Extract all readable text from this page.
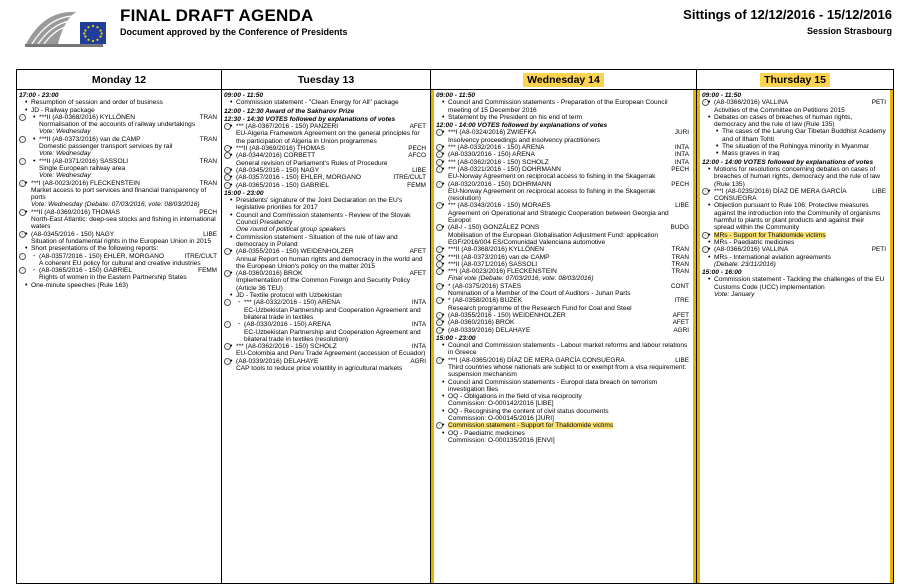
FINAL DRAFT AGENDA
Document approved by the Conference of Presidents
Sittings of 12/12/2016 - 15/12/2016
Session Strasbourg
Monday 12
17:00 - 23:00
• Resumption of session and order of business
• JD - Railway package
◦	•	TRAN
***II (A8-0368/2016) KYLLÖNEN
Normalisation of the accounts of railway undertakings
Vote: Wednesday
◦	•	TRAN
***II (A8-0373/2016) van de CAMP
Domestic passenger transport services by rail
Vote: Wednesday
◦	•	TRAN
***II (A8-0371/2016) SASSOLI
Single European railway area
Vote: Wednesday
◦ •	TRAN
***I (A8-0023/2016) FLECKENSTEIN
Market access to port services and financial transparency of ports
Vote: Wednesday (Debate: 07/03/2016, vote: 08/03/2016)
◦ •	PECH
***II (A8-0369/2016) THOMAS
North-East Atlantic: deep-sea stocks and fishing in international waters
◦ •	LIBE
(A8-0345/2016 - 150) NAGY
Situation of fundamental rights in the European Union in 2015
• Short presentations of the following reports:
◦	-	ITRE/CULT
(A8-0357/2016 - 150) EHLER, MORGANO
A coherent EU policy for cultural and creative industries
◦	-	FEMM
(A8-0365/2016 - 150) GABRIEL
Rights of women in the Eastern Partnership States
• One-minute speeches (Rule 163)
Tuesday 13
09:00 - 11:50
• Commission statement - "Clean Energy for All" package
12:00 - 12:30 Award of the Sakharov Prize
12:30 - 14:30 VOTES followed by explanations of votes
◦ •	AFET
*** (A8-0367/2016 - 150) PANZERI
EU-Algeria Framework Agreement on the general principles for the participation of Algeria in Union programmes
◦ •	PECH
***II (A8-0369/2016) THOMAS
◦ •	AFCO
(A8-0344/2016) CORBETT
General revision of Parliament's Rules of Procedure
◦ •	LIBE
(A8-0345/2016 - 150) NAGY
◦ •	ITRE/CULT
(A8-0357/2016 - 150) EHLER, MORGANO
◦ •	FEMM
(A8-0365/2016 - 150) GABRIEL
15:00 - 23:00
• Presidents' signature of the Joint Declaration on the EU's legislative priorities for 2017
• Council and Commission statements - Review of the Slovak Council Presidency
One round of political group speakers
• Commission statement - Situation of the rule of law and democracy in Poland
◦ •	AFET
(A8-0355/2016 - 150) WEIDENHOLZER
Annual Report on human rights and democracy in the world and the European Union's policy on the matter 2015
◦ •	AFET
(A8-0360/2016) BROK
Implementation of the Common Foreign and Security Policy (Article 36 TEU)
• JD - Textile protocol with Uzbekistan
◦	-	INTA
*** (A8-0332/2016 - 150) ARENA
EC-Uzbekistan Partnership and Cooperation Agreement and bilateral trade in textiles
◦	-	INTA
(A8-0330/2016 - 150) ARENA
EC-Uzbekistan Partnership and Cooperation Agreement and bilateral trade in textiles (resolution)
◦ •	INTA
*** (A8-0362/2016 - 150) SCHOLZ
EU-Colombia and Peru Trade Agreement (accession of Ecuador)
◦ •	AGRI
(A8-0339/2016) DELAHAYE
CAP tools to reduce price volatility in agricultural markets
Wednesday 14
09:00 - 11:50
• Council and Commission statements - Preparation of the European Council meeting of 15 December 2016
• Statement by the President on his end of term
12:00 - 14:00 VOTES followed by explanations of votes
◦ •	JURI
***I (A8-0324/2016) ZWIEFKA
Insolvency proceedings and insolvency practitioners
◦ •	INTA
*** (A8-0332/2016 - 150) ARENA
◦ •	INTA
(A8-0330/2016 - 150) ARENA
◦ •	INTA
*** (A8-0362/2016 - 150) SCHOLZ
◦ •	PECH
*** (A8-0321/2016 - 150) DOHRMANN
EU-Norway Agreement on reciprocal access to fishing in the Skagerrak
◦ •	PECH
(A8-0320/2016 - 150) DOHRMANN
EU-Norway Agreement on reciprocal access to fishing in the Skagerrak (resolution)
◦ •	LIBE
*** (A8-0343/2016 - 150) MORAES
Agreement on Operational and Strategic Cooperation between Georgia and Europol
◦ •	BUDG
(A8-/ - 150) GONZÁLEZ PONS
Mobilisation of the European Globalisation Adjustment Fund: application EGF/2016/004 ES/Comunidad Valenciana automotive
◦ •	TRAN
***II (A8-0368/2016) KYLLÖNEN
◦ •	TRAN
***II (A8-0373/2016) van de CAMP
◦ •	TRAN
***II (A8-0371/2016) SASSOLI
◦ •	TRAN
***I (A8-0023/2016) FLECKENSTEIN
Final vote (Debate: 07/03/2016, vote: 08/03/2016)
◦ •	CONT
* (A8-0375/2016) STAES
Nomination of a Member of the Court of Auditors - Juhan Parts
◦ •	ITRE
* (A8-0358/2016) BUZEK
Research programme of the Research Fund for Coal and Steel
◦ •	AFET
(A8-0355/2016 - 150) WEIDENHOLZER
◦ •	AFET
(A8-0360/2016) BROK
◦ •	AGRI
(A8-0339/2016) DELAHAYE
15:00 - 23:00
• Council and Commission statements - Labour market reforms and labour relations in Greece
◦ •	LIBE
***I (A8-0365/2016) DÍAZ DE MERA GARCÍA CONSUEGRA
Third countries whose nationals are subject to or exempt from a visa requirement: suspension mechanism
• Council and Commission statements - Europol data breach on terrorism investigation files
• OQ - Obligations in the field of visa reciprocity
Commission: O-000142/2016 [LIBE]
• OQ - Recognising the content of civil status documents
Commission: O-000145/2016 [JURI]
◦ • Commission statement - Support for Thalidomide victims
• OQ - Paediatric medicines
Commission: O-000135/2016 [ENVI]
Thursday 15
09:00 - 11:50
◦ •	PETI
(A8-0366/2016) VALLINA
Activities of the Committee on Petitions 2015
• Debates on cases of breaches of human rights, democracy and the rule of law (Rule 135)
• The cases of the Larung Gar Tibetan Buddhist Academy and of Ilham Tohti
• The situation of the Rohingya minority in Myanmar
• Mass graves in Iraq
12:00 - 14:00 VOTES followed by explanations of votes
• Motions for resolutions concerning debates on cases of breaches of human rights, democracy and the rule of law (Rule 135)
◦ •	LIBE
***I (A8-0235/2016) DÍAZ DE MERA GARCÍA CONSUEGRA
• Objection pursuant to Rule 106: Protective measures against the introduction into the Community of organisms harmful to plants or plant products and against their spread within the Community
◦ • MRs - Support for Thalidomide victims
• MRs - Paediatric medicines
◦ •	PETI
(A8-0366/2016) VALLINA
• MRs - International aviation agreements
(Debate: 23/11/2016)
15:00 - 16:00
• Commission statement - Tackling the challenges of the EU Customs Code (UCC) implementation
Vote: January
